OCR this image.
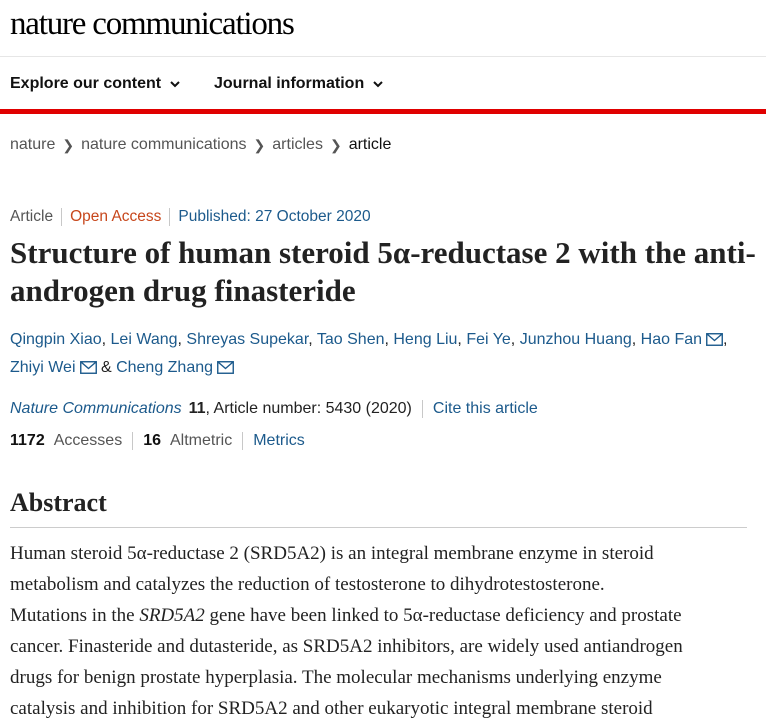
nature communications
Explore our content	Journal information
nature ❯ nature communications ❯ articles ❯ article
Article Open Access Published: 27 October 2020
Structure of human steroid 5α-reductase 2 with the anti-androgen drug finasteride
Qingpin Xiao, Lei Wang, Shreyas Supekar, Tao Shen, Heng Liu, Fei Ye, Junzhou Huang, Hao Fan ,
Zhiyi Wei & Cheng Zhang
Nature Communications 11 , Article number: 5430 (2020) Cite this article
1172 Accesses 16 Altmetric Metrics
Abstract

Human steroid 5α-reductase 2 (SRD5A2) is an integral membrane enzyme in steroid
metabolism and catalyzes the reduction of testosterone to dihydrotestosterone.
Mutations in the SRD5A2 gene have been linked to 5α-reductase deficiency and prostate
cancer. Finasteride and dutasteride, as SRD5A2 inhibitors, are widely used antiandrogen
drugs for benign prostate hyperplasia. The molecular mechanisms underlying enzyme
catalysis and inhibition for SRD5A2 and other eukaryotic integral membrane steroid
